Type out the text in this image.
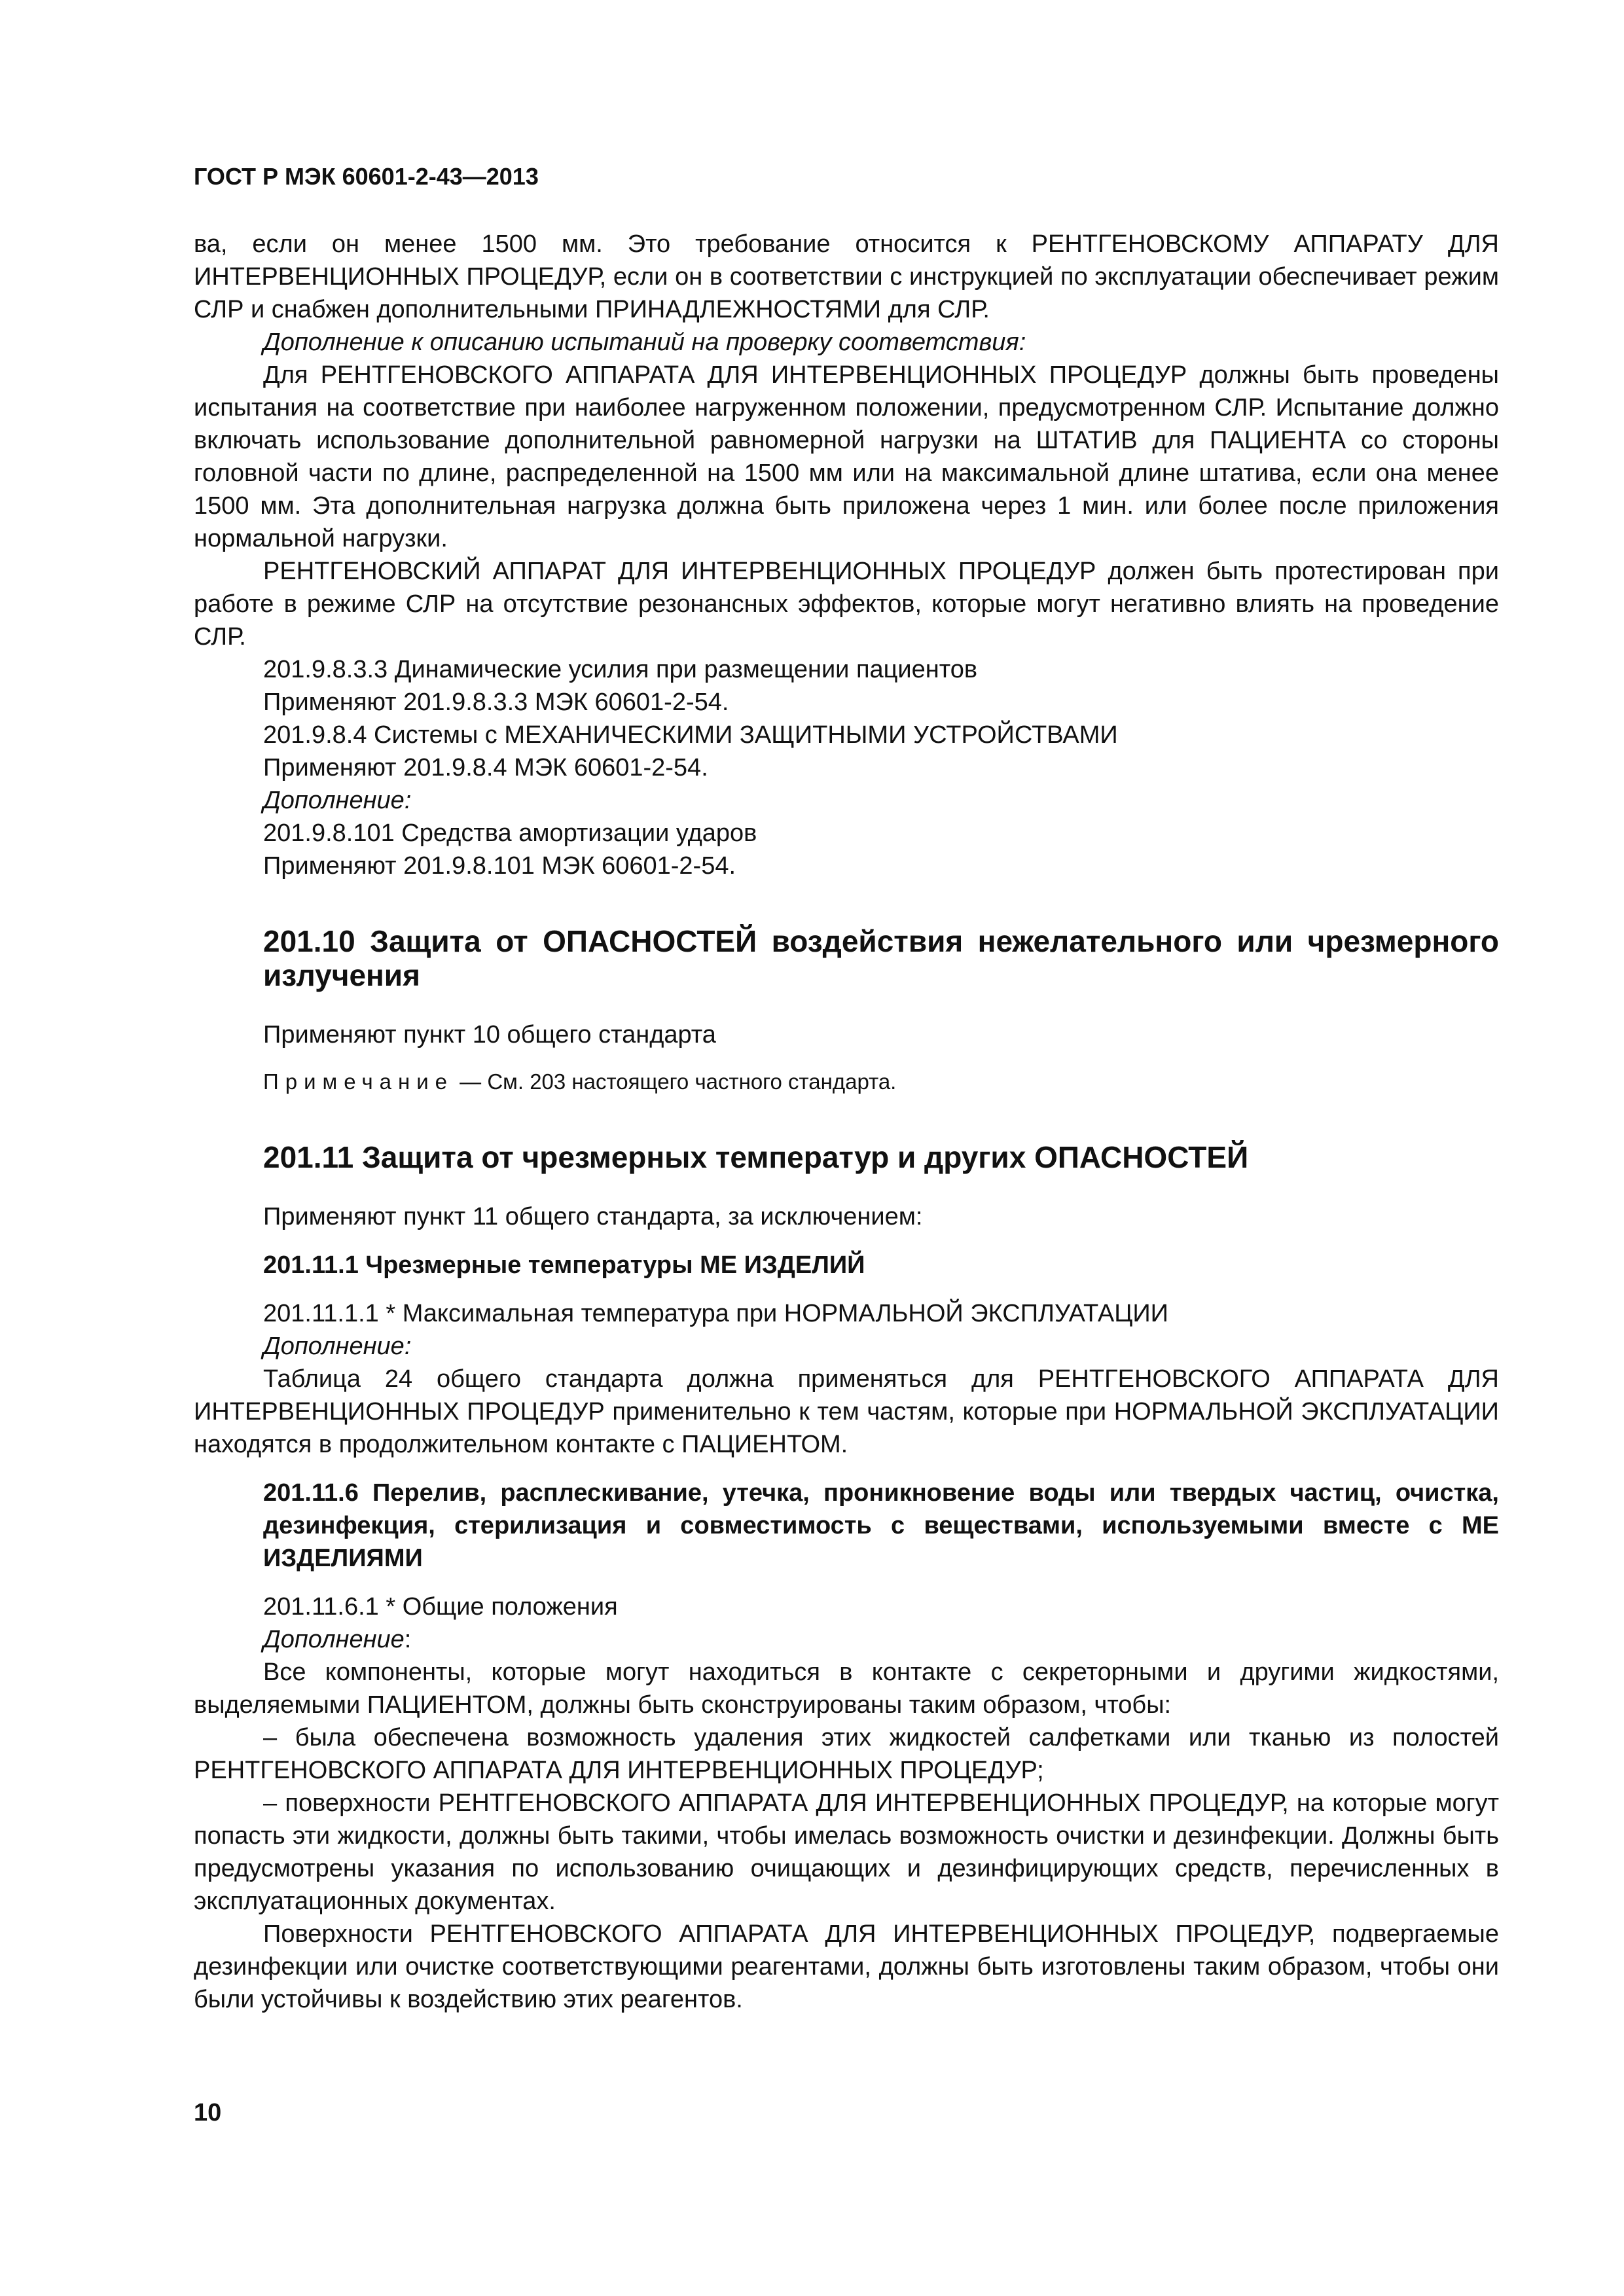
ГОСТ Р МЭК 60601-2-43—2013

ва, если он менее 1500 мм. Это требование относится к РЕНТГЕНОВСКОМУ АППАРАТУ ДЛЯ ИНТЕРВЕНЦИОННЫХ ПРОЦЕДУР, если он в соответствии с инструкцией по эксплуатации обеспечивает режим СЛР и снабжен дополнительными ПРИНАДЛЕЖНОСТЯМИ для СЛР.

Дополнение к описанию испытаний на проверку соответствия:

Для РЕНТГЕНОВСКОГО АППАРАТА ДЛЯ ИНТЕРВЕНЦИОННЫХ ПРОЦЕДУР должны быть проведены испытания на соответствие при наиболее нагруженном положении, предусмотренном СЛР. Испытание должно включать использование дополнительной равномерной нагрузки на ШТАТИВ для ПАЦИЕНТА со стороны головной части по длине, распределенной на 1500 мм или на максимальной длине штатива, если она менее 1500 мм. Эта дополнительная нагрузка должна быть приложена через 1 мин. или более после приложения нормальной нагрузки.

РЕНТГЕНОВСКИЙ АППАРАТ ДЛЯ ИНТЕРВЕНЦИОННЫХ ПРОЦЕДУР должен быть протестирован при работе в режиме СЛР на отсутствие резонансных эффектов, которые могут негативно влиять на проведение СЛР.

201.9.8.3.3 Динамические усилия при размещении пациентов

Применяют 201.9.8.3.3 МЭК 60601-2-54.

201.9.8.4 Системы с МЕХАНИЧЕСКИМИ ЗАЩИТНЫМИ УСТРОЙСТВАМИ

Применяют 201.9.8.4 МЭК 60601-2-54.

Дополнение:

201.9.8.101 Средства амортизации ударов

Применяют 201.9.8.101 МЭК 60601-2-54.

201.10 Защита от ОПАСНОСТЕЙ воздействия нежелательного или чрезмерного излучения

Применяют пункт 10 общего стандарта

Примечание — См. 203 настоящего частного стандарта.

201.11 Защита от чрезмерных температур и других ОПАСНОСТЕЙ

Применяют пункт 11 общего стандарта, за исключением:

201.11.1 Чрезмерные температуры МЕ ИЗДЕЛИЙ

201.11.1.1 * Максимальная температура при НОРМАЛЬНОЙ ЭКСПЛУАТАЦИИ

Дополнение:

Таблица 24 общего стандарта должна применяться для РЕНТГЕНОВСКОГО АППАРАТА ДЛЯ ИНТЕРВЕНЦИОННЫХ ПРОЦЕДУР применительно к тем частям, которые при НОРМАЛЬНОЙ ЭКСПЛУАТАЦИИ находятся в продолжительном контакте с ПАЦИЕНТОМ.

201.11.6 Перелив, расплескивание, утечка, проникновение воды или твердых частиц, очистка, дезинфекция, стерилизация и совместимость с веществами, используемыми вместе с МЕ ИЗДЕЛИЯМИ

201.11.6.1 * Общие положения

Дополнение:

Все компоненты, которые могут находиться в контакте с секреторными и другими жидкостями, выделяемыми ПАЦИЕНТОМ, должны быть сконструированы таким образом, чтобы:

– была обеспечена возможность удаления этих жидкостей салфетками или тканью из полостей РЕНТГЕНОВСКОГО АППАРАТА ДЛЯ ИНТЕРВЕНЦИОННЫХ ПРОЦЕДУР;

– поверхности РЕНТГЕНОВСКОГО АППАРАТА ДЛЯ ИНТЕРВЕНЦИОННЫХ ПРОЦЕДУР, на которые могут попасть эти жидкости, должны быть такими, чтобы имелась возможность очистки и дезинфекции. Должны быть предусмотрены указания по использованию очищающих и дезинфицирующих средств, перечисленных в эксплуатационных документах.

Поверхности РЕНТГЕНОВСКОГО АППАРАТА ДЛЯ ИНТЕРВЕНЦИОННЫХ ПРОЦЕДУР, подвергаемые дезинфекции или очистке соответствующими реагентами, должны быть изготовлены таким образом, чтобы они были устойчивы к воздействию этих реагентов.

10
